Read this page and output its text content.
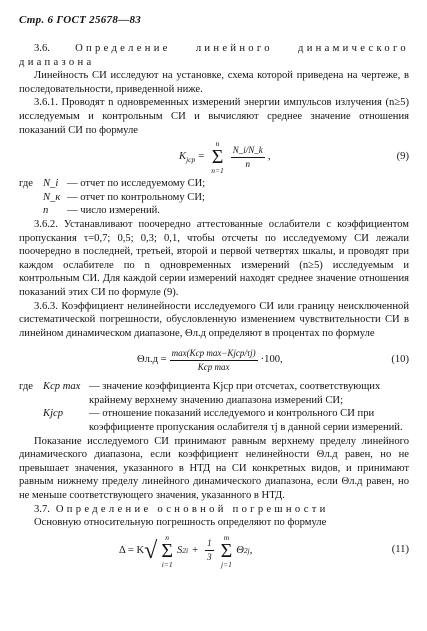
Стр. 6 ГОСТ 25678—83

3.6. Определение линейного динамического диапазона

Линейность СИ исследуют на установке, схема которой приведена на чертеже, в последовательности, приведенной ниже.

3.6.1. Проводят n одновременных измерений энергии импульсов излучения (n≥5) исследуемым и контрольным СИ и вычисляют среднее значение отношения показаний СИ по формуле

$K_{jcp}$ =
n
Σ
n=1
$\frac{N\_i/N\_k}{n}$ ,	(9)
где N_i — отчет по исследуемому СИ;
N_к — отчет по контрольному СИ;
n	— число измерений.

3.6.2. Устанавливают поочередно аттестованные ослабители с коэффициентом пропускания τ=0,7; 0,5; 0,3; 0,1, чтобы отсчеты по исследуемому СИ лежали поочередно в последней, третьей, второй и первой четвертях шкалы, и проводят при каждом ослабителе по n одновременных измерений (n≥5) исследуемым и контрольным СИ. Для каждой серии измерений находят среднее значение отношения показаний этих СИ по формуле (9).

3.6.3. Коэффициент нелинейности исследуемого СИ или границу неисключенной систематической погрешности, обусловленную изменением чувствительности СИ в линейном динамическом диапазоне, Θл.д определяют в процентах по формуле

$\Theta л.д = \frac{\text{max(Kср max−Kjср/τj)}}{\text{Kср max}} \cdot 100$,	(10)
где Kср max — значение коэффициента Kjср при отсчетах, соответствующих крайнему верхнему значению диапазона измерений СИ;
Kjср	— отношение показаний исследуемого и контрольного СИ при коэффициенте пропускания ослабителя τj в данной серии измерений.

Показание исследуемого СИ принимают равным верхнему пределу линейного динамического диапазона, если коэффициент нелинейности Θл.д равен, но не превышает значения, указанного в НТД на СИ конкретных видов, и принимают равным нижнему пределу линейного динамического диапазона, если Θл.д равен, но не меньше соответствующего значения, указанного в НТД.

3.7. Определение основной погрешности

Основную относительную погрешность определяют по формуле

Δ = K √
n
Σ
i=1
S 2 $i + \frac{1}{3}$
m
Σ
j=1
Θ 2 j ,	(11)
